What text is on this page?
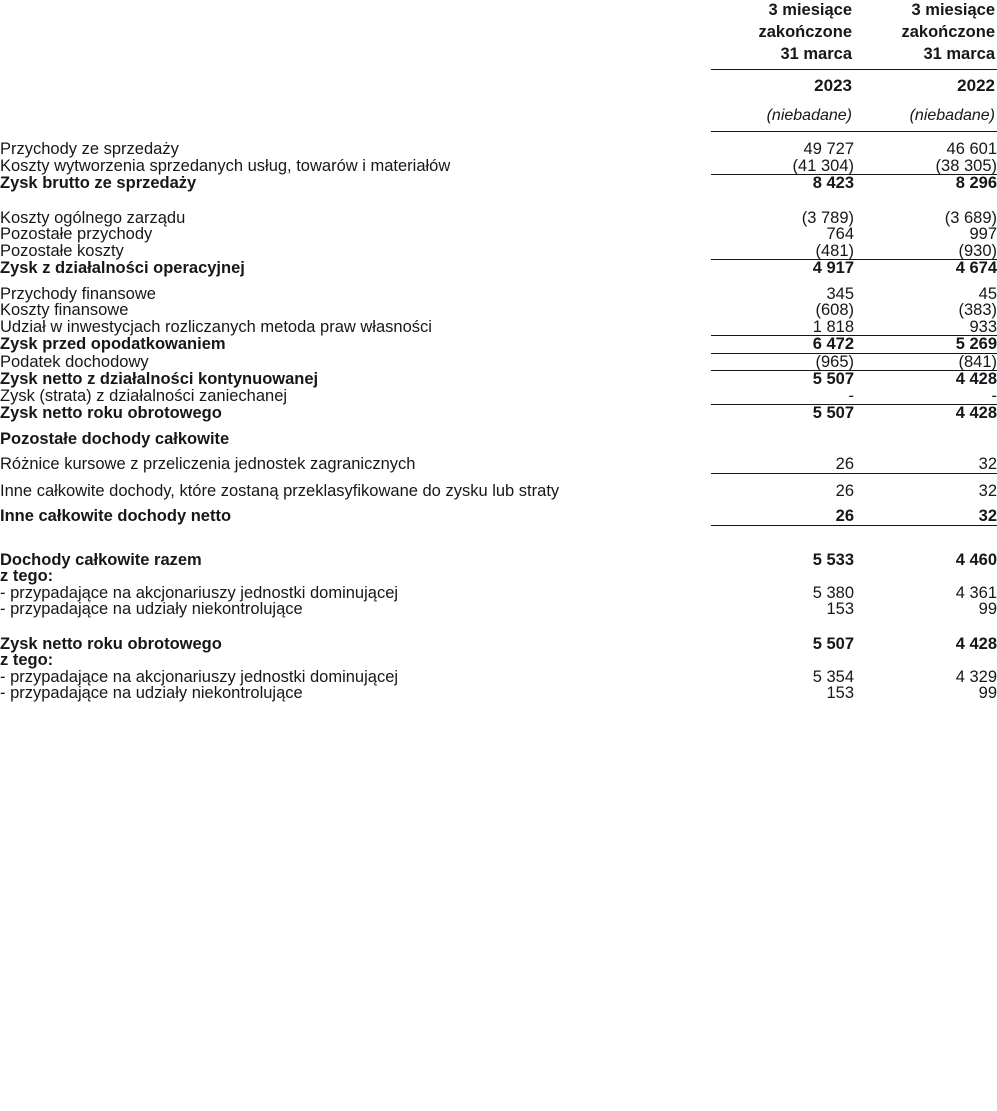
	3 miesiące
zakończone
31 marca	3 miesiące
zakończone
31 marca
	2023	2022
	(niebadane)	(niebadane)

Przychody ze sprzedaży	49 727	46 601
Koszty wytworzenia sprzedanych usług, towarów i materiałów	(41 304)	(38 305)
Zysk brutto ze sprzedaży	8 423	8 296

Koszty ogólnego zarządu	(3 789)	(3 689)
Pozostałe przychody	764	997
Pozostałe koszty	(481)	(930)
Zysk z działalności operacyjnej	4 917	4 674

Przychody finansowe	345	45
Koszty finansowe	(608)	(383)
Udział w inwestycjach rozliczanych metoda praw własności	1 818	933
Zysk przed opodatkowaniem	6 472	5 269
Podatek dochodowy	(965)	(841)
Zysk netto z działalności kontynuowanej	5 507	4 428
Zysk (strata) z działalności zaniechanej	-	-
Zysk netto roku obrotowego	5 507	4 428

Pozostałe dochody całkowite		

Różnice kursowe z przeliczenia jednostek zagranicznych	26	32

Inne całkowite dochody, które zostaną przeklasyfikowane do zysku lub straty	26	32

Inne całkowite dochody netto	26	32

Dochody całkowite razem	5 533	4 460
z tego:		
- przypadające na akcjonariuszy jednostki dominującej	5 380	4 361
- przypadające na udziały niekontrolujące	153	99

Zysk netto roku obrotowego	5 507	4 428
z tego:		
- przypadające na akcjonariuszy jednostki dominującej	5 354	4 329
- przypadające na udziały niekontrolujące	153	99
